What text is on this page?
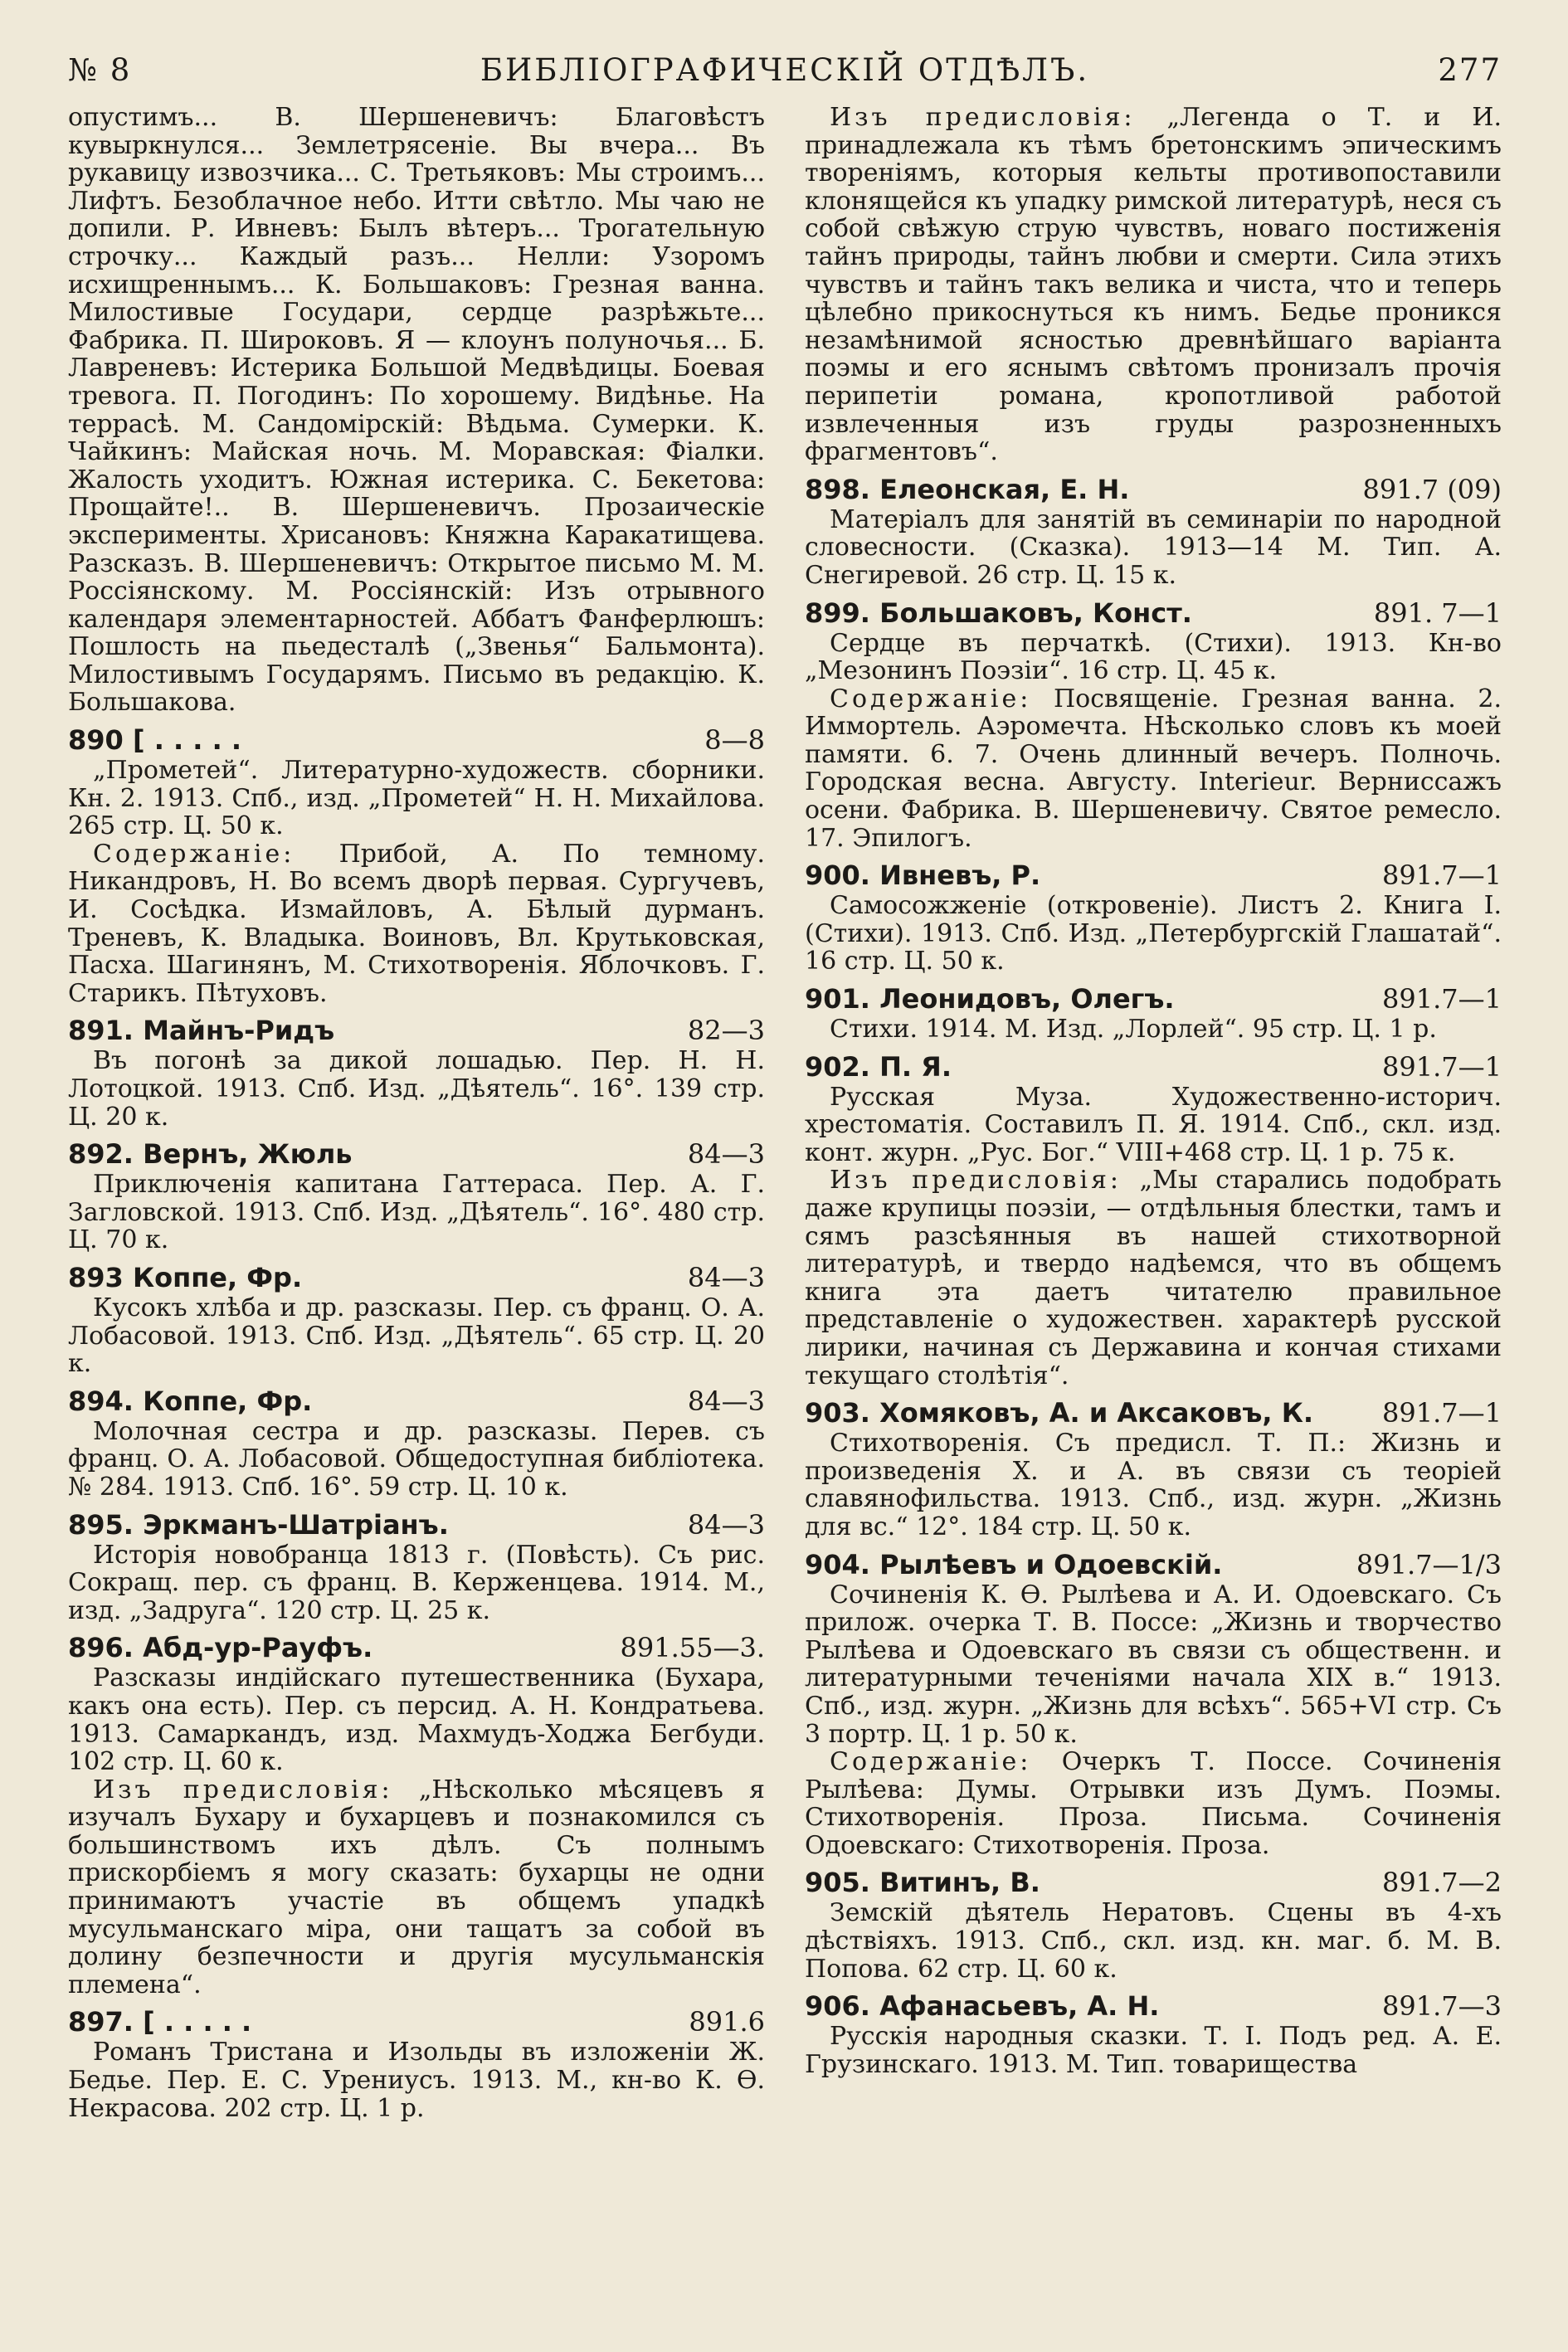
№ 8	БИБЛІОГРАФИЧЕСКІЙ ОТДѢЛЪ.	277

опустимъ... В. Шершеневичъ: Благовѣстъ кувыркнулся... Землетрясеніе. Вы вчера... Въ рукавицу извозчика... С. Третьяковъ: Мы строимъ... Лифтъ. Безоблачное небо. Итти свѣтло. Мы чаю не допили. Р. Ивневъ: Былъ вѣтеръ... Трогательную строчку... Каждый разъ... Нелли: Узоромъ исхищреннымъ... К. Большаковъ: Грезная ванна. Милостивые Государи, сердце разрѣжьте... Фабрика. П. Широковъ. Я — клоунъ полуночья... Б. Лавреневъ: Истерика Большой Медвѣдицы. Боевая тревога. П. Погодинъ: По хорошему. Видѣнье. На террасѣ. М. Сандомірскій: Вѣдьма. Сумерки. К. Чайкинъ: Майская ночь. М. Моравская: Фіалки. Жалость уходитъ. Южная истерика. С. Бекетова: Прощайте!.. В. Шершеневичъ. Прозаическіе эксперименты. Хрисановъ: Княжна Каракатищева. Разсказъ. В. Шершеневичъ: Открытое письмо М. М. Россіянскому. М. Россіянскій: Изъ отрывного календаря элементарностей. Аббатъ Фанферлюшъ: Пошлость на пьедесталѣ („Звенья“ Бальмонта). Милостивымъ Государямъ. Письмо въ редакцію. К. Большакова.

890 [ . . . . .	8—8

„Прометей“. Литературно-художеств. сборники. Кн. 2. 1913. Спб., изд. „Прометей“ Н. Н. Михайлова. 265 стр. Ц. 50 к.

Содержаніе: Прибой, А. По темному. Никандровъ, Н. Во всемъ дворѣ первая. Сургучевъ, И. Сосѣдка. Измайловъ, А. Бѣлый дурманъ. Треневъ, К. Владыка. Воиновъ, Вл. Крутьковская, Пасха. Шагинянъ, М. Стихотворенія. Яблочковъ. Г. Старикъ. Пѣтуховъ.

891. Майнъ-Ридъ	82—3

Въ погонѣ за дикой лошадью. Пер. Н. Н. Лотоцкой. 1913. Спб. Изд. „Дѣятель“. 16°. 139 стр. Ц. 20 к.

892. Вернъ, Жюль	84—3

Приключенія капитана Гаттераса. Пер. А. Г. Загловской. 1913. Спб. Изд. „Дѣятель“. 16°. 480 стр. Ц. 70 к.

893 Коппе, Фр.	84—3

Кусокъ хлѣба и др. разсказы. Пер. съ франц. О. А. Лобасовой. 1913. Спб. Изд. „Дѣятель“. 65 стр. Ц. 20 к.

894. Коппе, Фр.	84—3

Молочная сестра и др. разсказы. Перев. съ франц. О. А. Лобасовой. Общедоступная библіотека. № 284. 1913. Спб. 16°. 59 стр. Ц. 10 к.

895. Эркманъ-Шатріанъ.	84—3

Исторія новобранца 1813 г. (Повѣсть). Съ рис. Сокращ. пер. съ франц. В. Керженцева. 1914. М., изд. „Задруга“. 120 стр. Ц. 25 к.

896. Абд-ур-Рауфъ.	891.55—3.

Разсказы индійскаго путешественника (Бухара, какъ она есть). Пер. съ персид. А. Н. Кондратьева. 1913. Самаркандъ, изд. Махмудъ-Ходжа Бегбуди. 102 стр. Ц. 60 к.

Изъ предисловія: „Нѣсколько мѣсяцевъ я изучалъ Бухару и бухарцевъ и познакомился съ большинствомъ ихъ дѣлъ. Съ полнымъ прискорбіемъ я могу сказать: бухарцы не одни принимаютъ участіе въ общемъ упадкѣ мусульманскаго міра, они тащатъ за собой въ долину безпечности и другія мусульманскія племена“.

897. [ . . . . .	891.6

Романъ Тристана и Изольды въ изложеніи Ж. Бедье. Пер. Е. С. Урениусъ. 1913. М., кн-во К. Ѳ. Некрасова. 202 стр. Ц. 1 р.

Изъ предисловія: „Легенда о Т. и И. принадлежала къ тѣмъ бретонскимъ эпическимъ твореніямъ, которыя кельты противопоставили клонящейся къ упадку римской литературѣ, неся съ собой свѣжую струю чувствъ, новаго постиженія тайнъ природы, тайнъ любви и смерти. Сила этихъ чувствъ и тайнъ такъ велика и чиста, что и теперь цѣлебно прикоснуться къ нимъ. Бедье проникся незамѣнимой ясностью древнѣйшаго варіанта поэмы и его яснымъ свѣтомъ пронизалъ прочія перипетіи романа, кропотливой работой извлеченныя изъ груды разрозненныхъ фрагментовъ“.

898. Елеонская, Е. Н.	891.7 (09)

Матеріалъ для занятій въ семинаріи по народной словесности. (Сказка). 1913—14 М. Тип. А. Снегиревой. 26 стр. Ц. 15 к.

899. Большаковъ, Конст.	891. 7—1

Сердце въ перчаткѣ. (Стихи). 1913. Кн-во „Мезонинъ Поэзіи“. 16 стр. Ц. 45 к.

Содержаніе: Посвященіе. Грезная ванна. 2. Иммортель. Аэромечта. Нѣсколько словъ къ моей памяти. 6. 7. Очень длинный вечеръ. Полночь. Городская весна. Августу. Interieur. Вернисcажъ осени. Фабрика. В. Шершеневичу. Святое ремесло. 17. Эпилогъ.

900. Ивневъ, Р.	891.7—1

Самосожженіе (откровеніе). Листъ 2. Книга I. (Стихи). 1913. Спб. Изд. „Петербургскій Глашатай“. 16 стр. Ц. 50 к.

901. Леонидовъ, Олегъ.	891.7—1

Стихи. 1914. М. Изд. „Лорлей“. 95 стр. Ц. 1 р.

902. П. Я.	891.7—1

Русская Муза. Художественно-историч. хрестоматія. Составилъ П. Я. 1914. Спб., скл. изд. конт. журн. „Рус. Бог.“ VIII+468 стр. Ц. 1 р. 75 к.

Изъ предисловія: „Мы старались подобрать даже крупицы поэзіи, — отдѣльныя блестки, тамъ и сямъ разсѣянныя въ нашей стихотворной литературѣ, и твердо надѣемся, что въ общемъ книга эта даетъ читателю правильное представленіе о художествен. характерѣ русской лирики, начиная съ Державина и кончая стихами текущаго столѣтія“.

903. Хомяковъ, А. и Аксаковъ, К.	891.7—1

Стихотворенія. Съ предисл. Т. П.: Жизнь и произведенія Х. и А. въ связи съ теоріей славянофильства. 1913. Спб., изд. журн. „Жизнь для вс.“ 12°. 184 стр. Ц. 50 к.

904. Рылѣевъ и Одоевскій.	891.7—1/3

Сочиненія К. Ѳ. Рылѣева и А. И. Одоевскаго. Съ прилож. очерка Т. В. Поссе: „Жизнь и творчество Рылѣева и Одоевскаго въ связи съ общественн. и литературными теченіями начала XIX в.“ 1913. Спб., изд. журн. „Жизнь для всѣхъ“. 565+VI стр. Съ 3 портр. Ц. 1 р. 50 к.

Содержаніе: Очеркъ Т. Поссе. Сочиненія Рылѣева: Думы. Отрывки изъ Думъ. Поэмы. Стихотворенія. Проза. Письма. Сочиненія Одоевскаго: Стихотворенія. Проза.

905. Витинъ, В.	891.7—2

Земскій дѣятель Нератовъ. Сцены въ 4-хъ дѣствіяхъ. 1913. Спб., скл. изд. кн. маг. б. М. В. Попова. 62 стр. Ц. 60 к.

906. Афанасьевъ, А. Н.	891.7—3

Русскія народныя сказки. Т. I. Подъ ред. А. Е. Грузинскаго. 1913. М. Тип. товарищества
